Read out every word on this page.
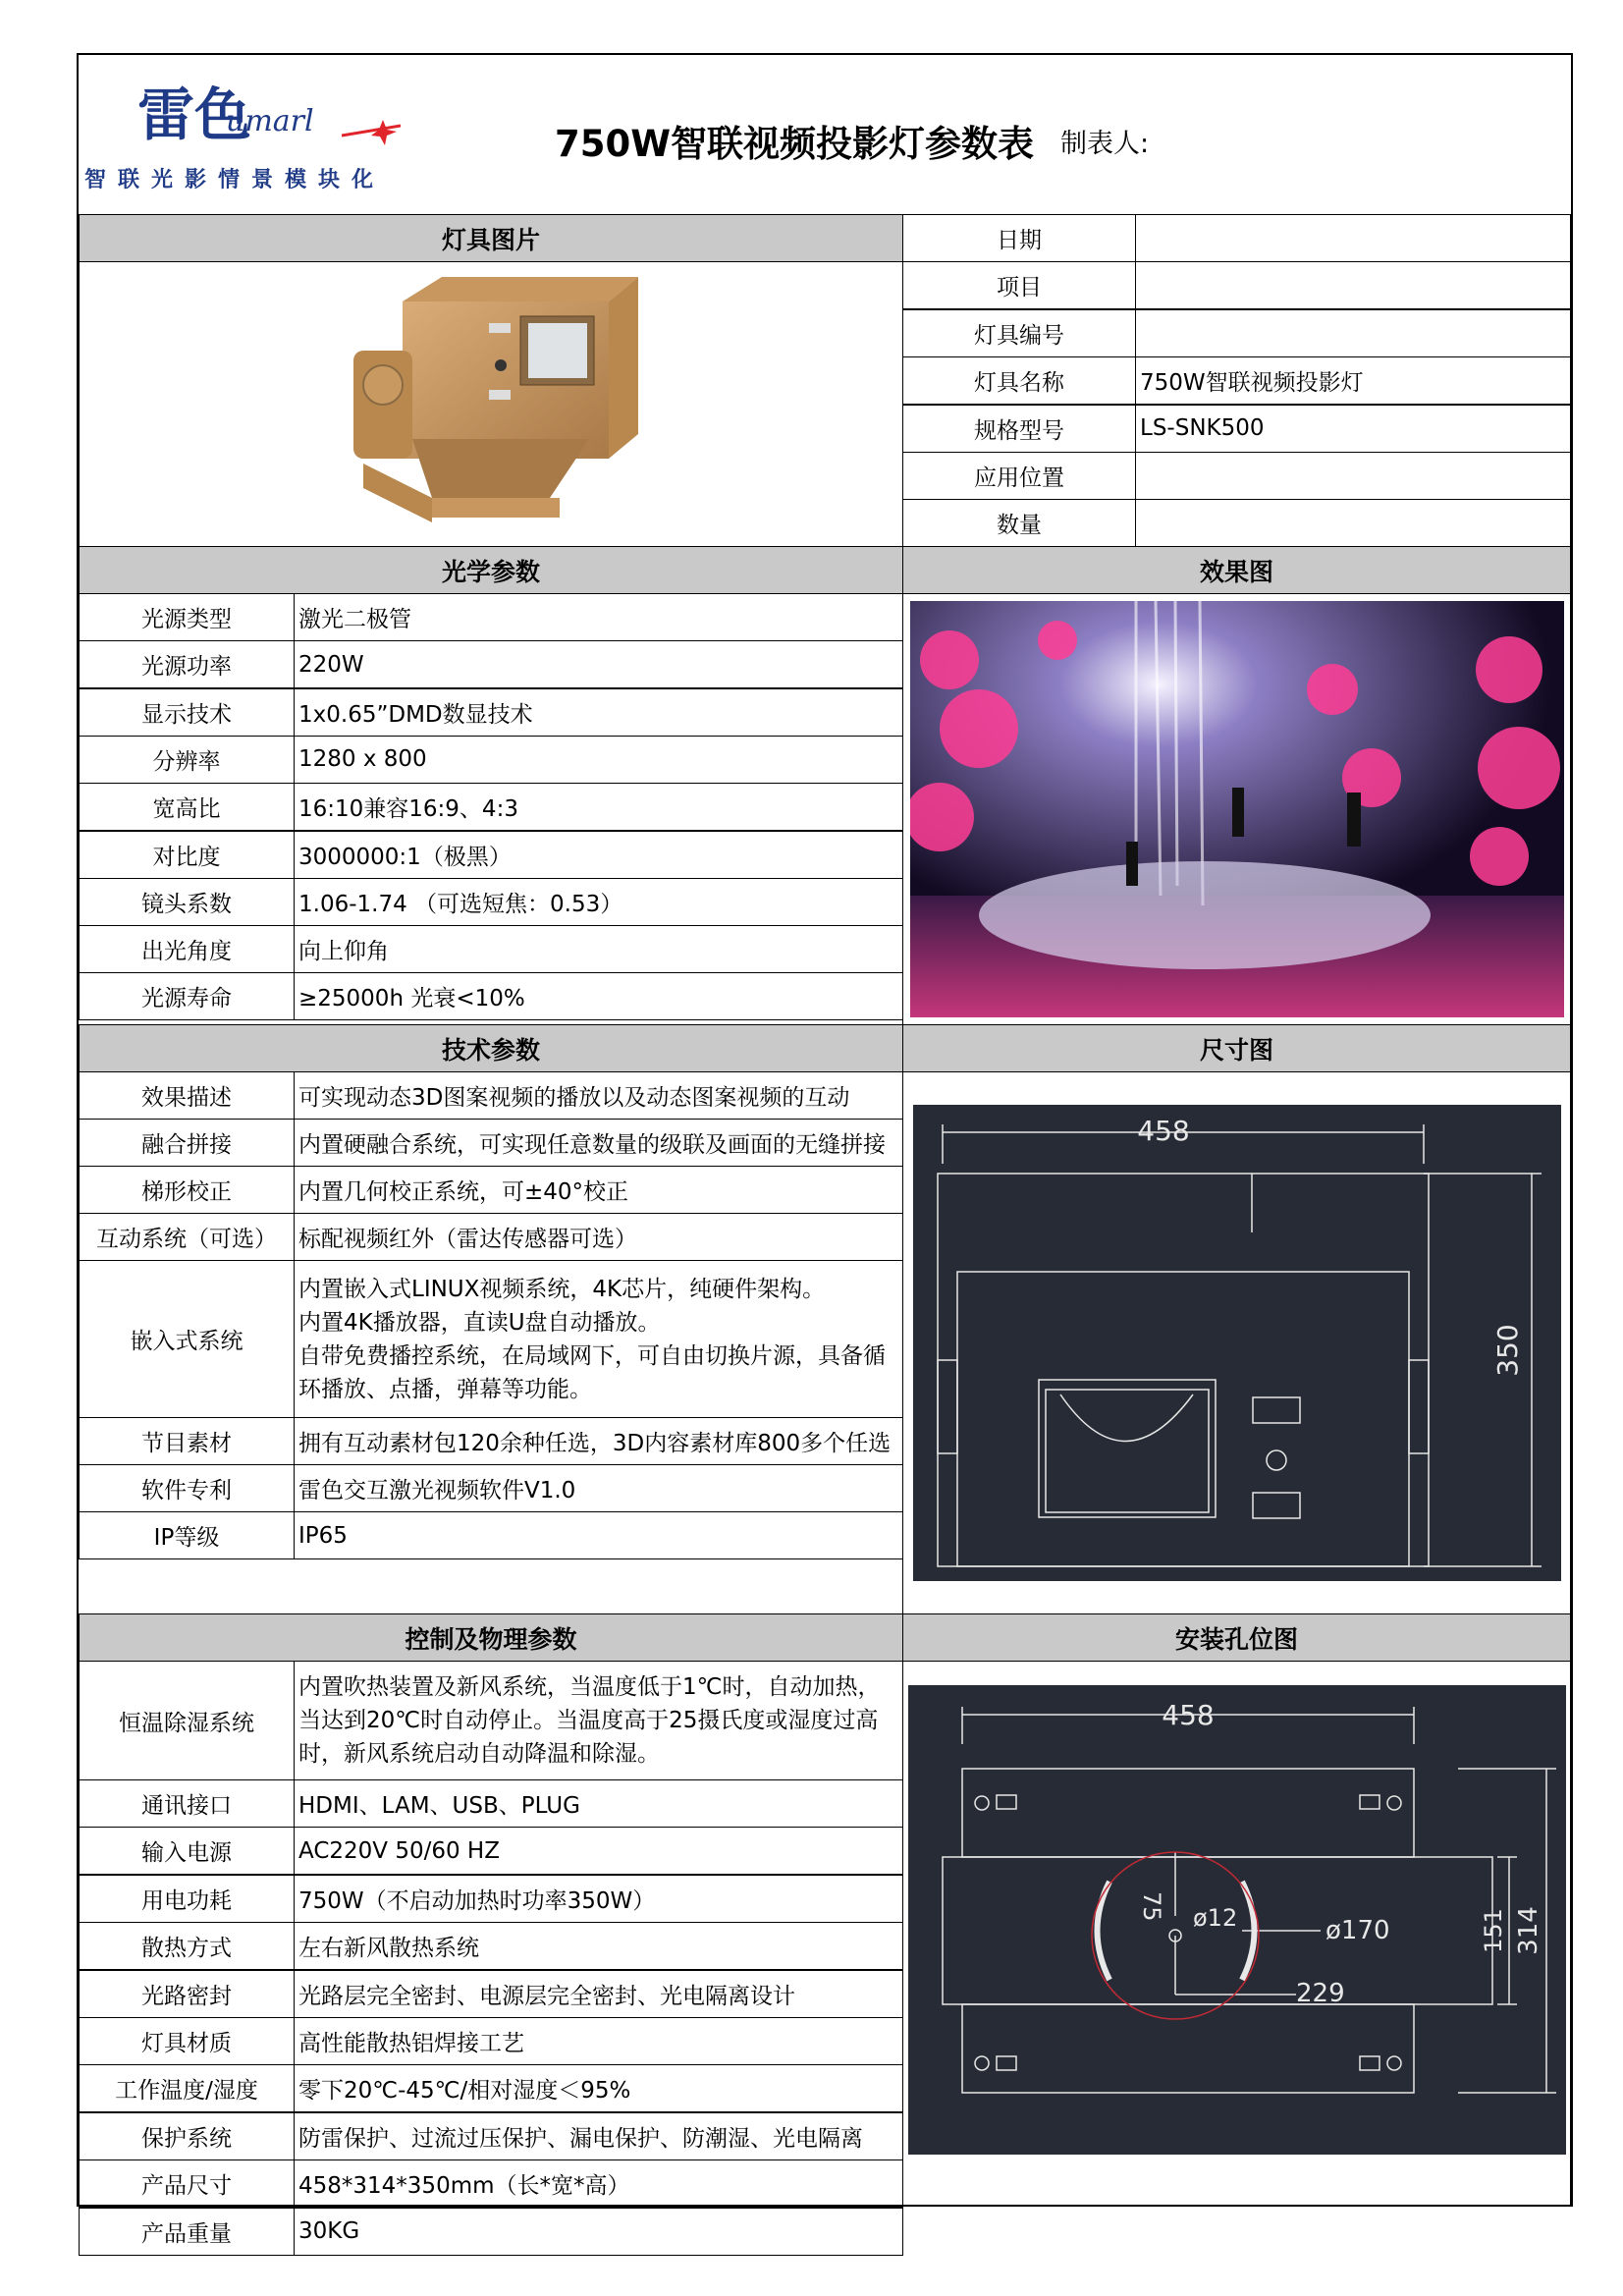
雷色
umarl
智联光影情景模块化
750W智联视频投影灯参数表 制表人:
灯具图片	日期
项目
灯具编号
灯具名称	750W智联视频投影灯
规格型号	LS-SNK500
应用位置
数量
光学参数	效果图
光源类型	激光二极管
光源功率	220W
显示技术	1x0.65”DMD数显技术
分辨率	1280 x 800
宽高比	16:10兼容16:9、4:3
对比度	3000000:1（极黑）
镜头系数	1.06-1.74 （可选短焦：0.53）
出光角度	向上仰角
光源寿命	≥25000h 光衰<10%
技术参数	尺寸图
458
350
效果描述	可实现动态3D图案视频的播放以及动态图案视频的互动
融合拼接	内置硬融合系统，可实现任意数量的级联及画面的无缝拼接
梯形校正	内置几何校正系统，可±40°校正
互动系统（可选） 标配视频红外（雷达传感器可选）
嵌入式系统
内置嵌入式LINUX视频系统，4K芯片，纯硬件架构。
内置4K播放器，直读U盘自动播放。
自带免费播控系统，在局域网下，可自由切换片源，具备循
环播放、点播，弹幕等功能。
节目素材	拥有互动素材包120余种任选，3D内容素材库800多个任选
软件专利	雷色交互激光视频软件V1.0
IP等级	IP65
控制及物理参数	安装孔位图
458
314
151
ø12	ø170
229
75
恒温除湿系统
内置吹热装置及新风系统，当温度低于1℃时，自动加热，
当达到20℃时自动停止。当温度高于25摄氏度或湿度过高
时，新风系统启动自动降温和除湿。
通讯接口	HDMI、LAM、USB、PLUG
输入电源	AC220V 50/60 HZ
用电功耗	750W（不启动加热时功率350W）
散热方式	左右新风散热系统
光路密封	光路层完全密封、电源层完全密封、光电隔离设计
灯具材质	高性能散热铝焊接工艺
工作温度/湿度	零下20℃-45℃/相对湿度＜95%
保护系统	防雷保护、过流过压保护、漏电保护、防潮湿、光电隔离
产品尺寸	458*314*350mm（长*宽*高）
产品重量	30KG
